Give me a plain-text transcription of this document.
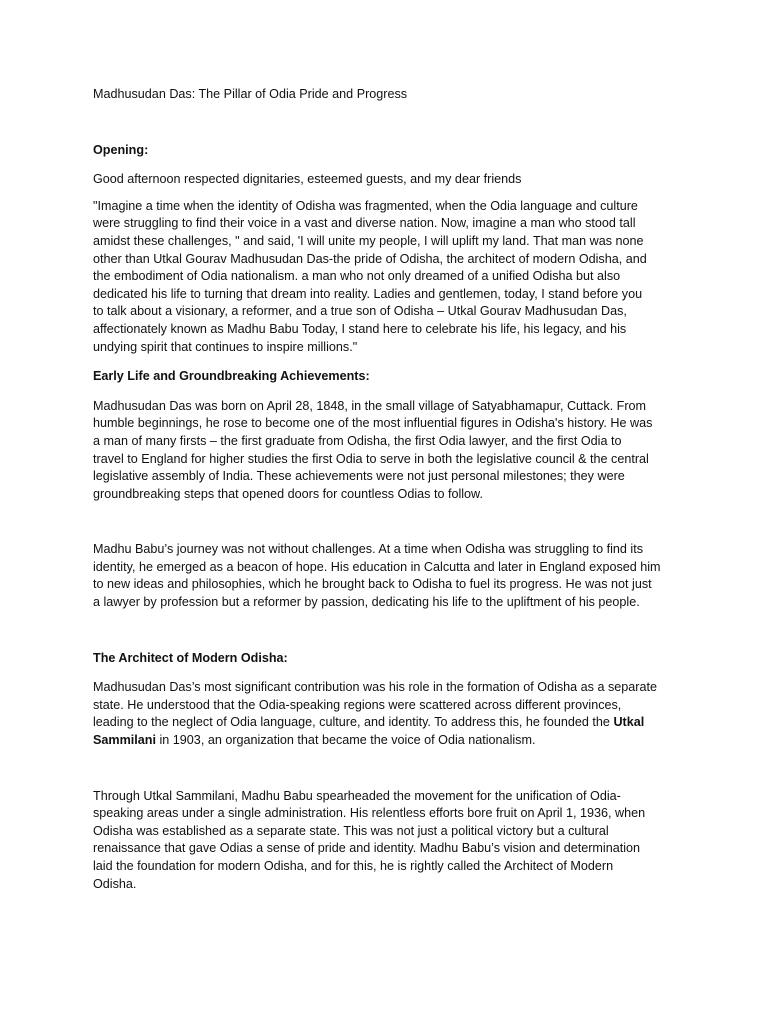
Madhusudan Das: The Pillar of Odia Pride and Progress
Opening:
Good afternoon respected dignitaries, esteemed guests, and my dear friends
"Imagine a time when the identity of Odisha was fragmented, when the Odia language and culture
were struggling to find their voice in a vast and diverse nation. Now, imagine a man who stood tall
amidst these challenges, " and said, 'I will unite my people, I will uplift my land. That man was none
other than Utkal Gourav Madhusudan Das-the pride of Odisha, the architect of modern Odisha, and
the embodiment of Odia nationalism. a man who not only dreamed of a unified Odisha but also
dedicated his life to turning that dream into reality. Ladies and gentlemen, today, I stand before you
to talk about a visionary, a reformer, and a true son of Odisha – Utkal Gourav Madhusudan Das,
affectionately known as Madhu Babu Today, I stand here to celebrate his life, his legacy, and his
undying spirit that continues to inspire millions."
Early Life and Groundbreaking Achievements:
Madhusudan Das was born on April 28, 1848, in the small village of Satyabhamapur, Cuttack. From
humble beginnings, he rose to become one of the most influential figures in Odisha's history. He was
a man of many firsts – the first graduate from Odisha, the first Odia lawyer, and the first Odia to
travel to England for higher studies the first Odia to serve in both the legislative council & the central
legislative assembly of India. These achievements were not just personal milestones; they were
groundbreaking steps that opened doors for countless Odias to follow.
Madhu Babu’s journey was not without challenges. At a time when Odisha was struggling to find its
identity, he emerged as a beacon of hope. His education in Calcutta and later in England exposed him
to new ideas and philosophies, which he brought back to Odisha to fuel its progress. He was not just
a lawyer by profession but a reformer by passion, dedicating his life to the upliftment of his people.
The Architect of Modern Odisha:
Madhusudan Das’s most significant contribution was his role in the formation of Odisha as a separate
state. He understood that the Odia-speaking regions were scattered across different provinces,
leading to the neglect of Odia language, culture, and identity. To address this, he founded the Utkal
Sammilani in 1903, an organization that became the voice of Odia nationalism.
Through Utkal Sammilani, Madhu Babu spearheaded the movement for the unification of Odia-
speaking areas under a single administration. His relentless efforts bore fruit on April 1, 1936, when
Odisha was established as a separate state. This was not just a political victory but a cultural
renaissance that gave Odias a sense of pride and identity. Madhu Babu’s vision and determination
laid the foundation for modern Odisha, and for this, he is rightly called the Architect of Modern
Odisha.
